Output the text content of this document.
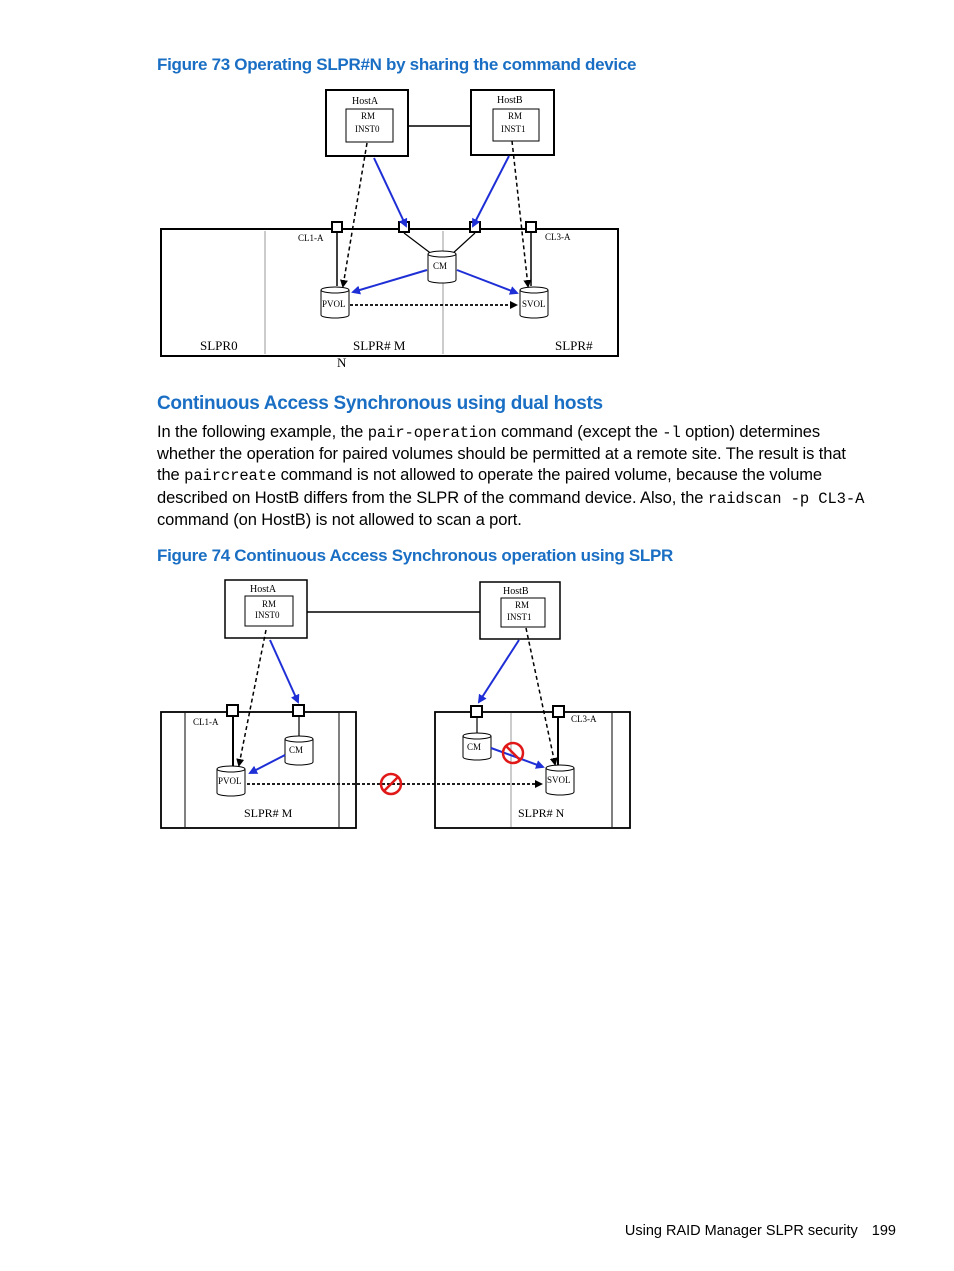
Figure 73 Operating SLPR#N by sharing the command device
HostA
RM
INST0
HostB
RM
INST1
CL1-A	CL3-A
CM
PVOL	SVOL
SLPR0	SLPR# M	SLPR#
N
HostA
RM
INST0
HostB
RM
INST1
CL1-A	CL3-A
CM
PVOL
CM
SVOL
SLPR# M	SLPR# N
Continuous Access Synchronous using dual hosts
In the following example, the pair-operation command (except the -l option) determines
whether the operation for paired volumes should be permitted at a remote site. The result is that
the paircreate command is not allowed to operate the paired volume, because the volume
described on HostB differs from the SLPR of the command device. Also, the raidscan -p CL3-A
command (on HostB) is not allowed to scan a port.
Figure 74 Continuous Access Synchronous operation using SLPR
Using RAID Manager SLPR security 199
